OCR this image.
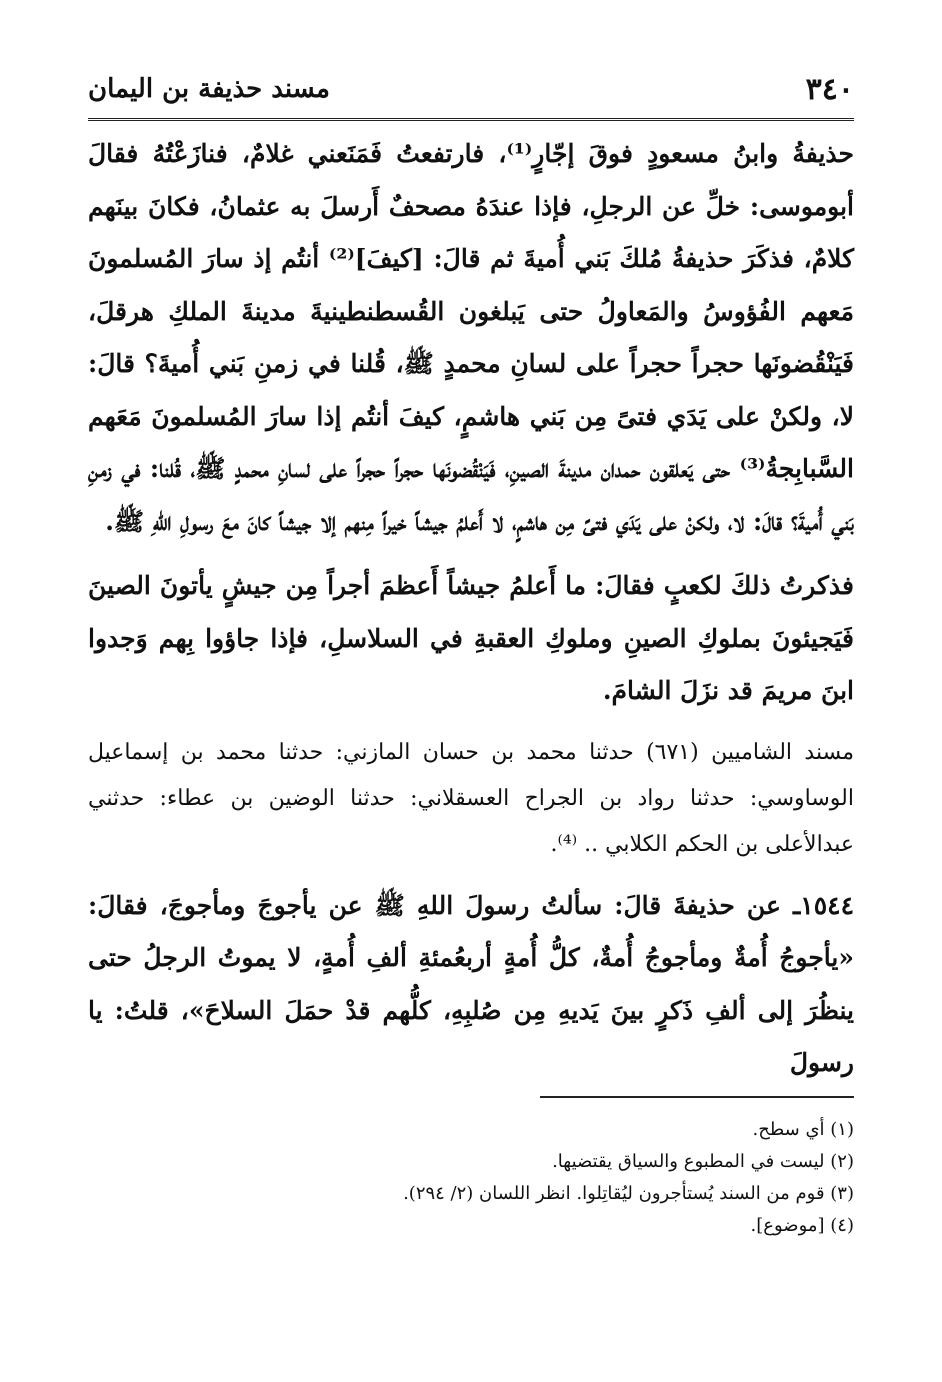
٣٤٠
مسند حذيفة بن اليمان

حذيفةُ وابنُ مسعودٍ فوقَ إجّارٍ⁽¹⁾، فارتفعتُ فَمَنَعني غلامٌ، فنازَعْتُهُ فقالَ أبوموسى: خلِّ عن الرجلِ، فإذا عندَهُ مصحفٌ أَرسلَ به عثمانُ، فكانَ بينَهم كلامٌ، فذكَرَ حذيفةُ مُلكَ بَني أُميةَ ثم قالَ: [كيفَ]⁽²⁾ أنتُم إذ سارَ المُسلمونَ مَعهم الفُؤوسُ والمَعاولُ حتى يَبلغون القُسطنطينيةَ مدينةَ الملكِ هرقلَ، فَيَنْقُضونَها حجراً حجراً على لسانِ محمدٍ ﷺ، قُلنا في زمنِ بَني أُميةَ؟ قالَ: لا، ولكنْ على يَدَي فتىً مِن بَني هاشمٍ، كيفَ أنتُم إذا سارَ المُسلمونَ مَعَهم السَّبابِجةُ⁽³⁾ حتى يَعلقون حمدان مدينةَ الصينِ، فَيَنْقُضونَها حجراً حجراً على لسانِ محمدٍ ﷺ، قُلنا: في زمنِ بَني أُميةَ؟ قالَ: لا، ولكنْ على يَدَي فتىً مِن هاشمٍ، لا أَعلمُ جيشاً خيراً مِنهم إلا جيشاً كانَ معَ رسولِ اللهِ ﷺ.

فذكرتُ ذلكَ لكعبٍ فقالَ: ما أَعلمُ جيشاً أَعظمَ أجراً مِن جيشٍ يأتونَ الصينَ فَيَجيئونَ بملوكِ الصينِ وملوكِ العقبةِ في السلاسلِ، فإذا جاؤوا بِهم وَجدوا ابنَ مريمَ قد نزَلَ الشامَ.

مسند الشاميين (٦٧١) حدثنا محمد بن حسان المازني: حدثنا محمد بن إسماعيل الوساوسي: حدثنا رواد بن الجراح العسقلاني: حدثنا الوضين بن عطاء: حدثني عبدالأعلى بن الحكم الكلابي .. ⁽⁴⁾.

١٥٤٤ـ عن حذيفةَ قالَ: سألتُ رسولَ اللهِ ﷺ عن يأجوجَ ومأجوجَ، فقالَ: «يأجوجُ أُمةٌ ومأجوجُ أُمةٌ، كلُّ أُمةٍ أربعُمئةِ ألفِ أُمةٍ، لا يموتُ الرجلُ حتى ينظُرَ إلى ألفِ ذَكرٍ بينَ يَديهِ مِن صُلبِهِ، كلُّهم قدْ حمَلَ السلاحَ»، قلتُ: يا رسولَ

(١) أي سطح.

(٢) ليست في المطبوع والسياق يقتضيها.

(٣) قوم من السند يُستأجرون ليُقاتِلوا. انظر اللسان (٢/ ٢٩٤).

(٤) [موضوع].
